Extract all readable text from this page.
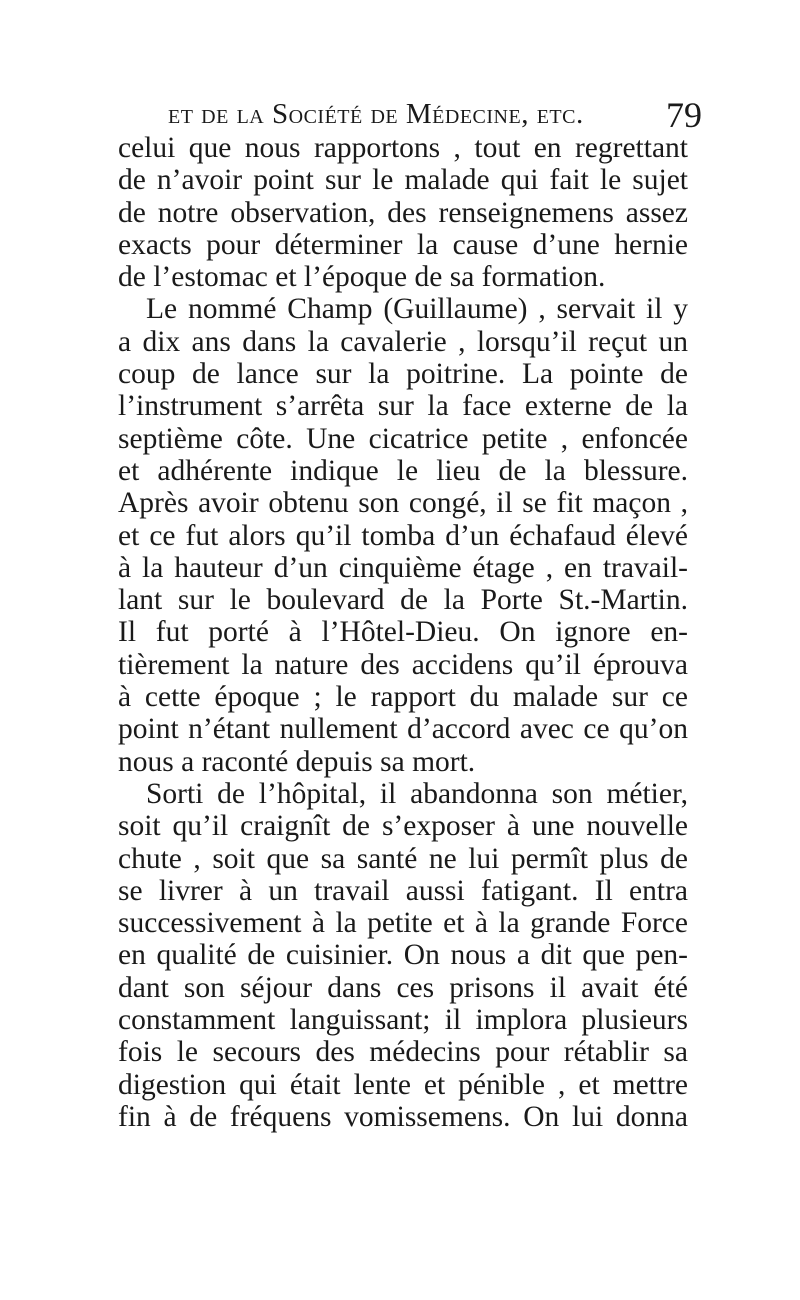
et de la Société de Médecine, etc. 79
celui que nous rapportons , tout en regrettant
de n’avoir point sur le malade qui fait le sujet
de notre observation, des renseignemens assez
exacts pour déterminer la cause d’une hernie
de l’estomac et l’époque de sa formation.
Le nommé Champ (Guillaume) , servait il y
a dix ans dans la cavalerie , lorsqu’il reçut un
coup de lance sur la poitrine. La pointe de
l’instrument s’arrêta sur la face externe de la
septième côte. Une cicatrice petite , enfoncée
et adhérente indique le lieu de la blessure.
Après avoir obtenu son congé, il se fit maçon ,
et ce fut alors qu’il tomba d’un échafaud élevé
à la hauteur d’un cinquième étage , en travail-
lant sur le boulevard de la Porte St.-Martin.
Il fut porté à l’Hôtel-Dieu. On ignore en-
tièrement la nature des accidens qu’il éprouva
à cette époque ; le rapport du malade sur ce
point n’étant nullement d’accord avec ce qu’on
nous a raconté depuis sa mort.
Sorti de l’hôpital, il abandonna son métier,
soit qu’il craignît de s’exposer à une nouvelle
chute , soit que sa santé ne lui permît plus de
se livrer à un travail aussi fatigant. Il entra
successivement à la petite et à la grande Force
en qualité de cuisinier. On nous a dit que pen-
dant son séjour dans ces prisons il avait été
constamment languissant; il implora plusieurs
fois le secours des médecins pour rétablir sa
digestion qui était lente et pénible , et mettre
fin à de fréquens vomissemens. On lui donna
